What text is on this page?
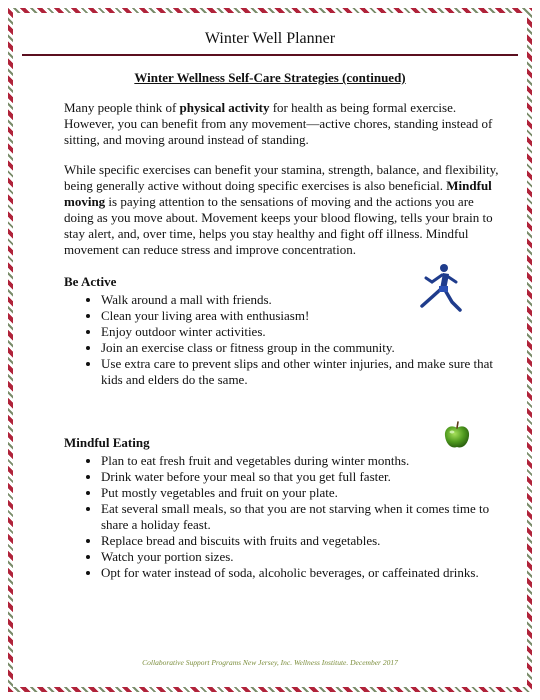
Winter Well Planner
Winter Wellness Self-Care Strategies (continued)

Many people think of physical activity for health as being formal exercise. However, you can benefit from any movement—active chores, standing instead of sitting, and moving around instead of standing.

While specific exercises can benefit your stamina, strength, balance, and flexibility, being generally active without doing specific exercises is also beneficial. Mindful moving is paying attention to the sensations of moving and the actions you are doing as you move about. Movement keeps your blood flowing, tells your brain to stay alert, and, over time, helps you stay healthy and fight off illness. Mindful movement can reduce stress and improve concentration.

Be Active
• Walk around a mall with friends.
• Clean your living area with enthusiasm!
• Enjoy outdoor winter activities.
• Join an exercise class or fitness group in the community.
• Use extra care to prevent slips and other winter injuries, and make sure that kids and elders do the same.
Mindful Eating
• Plan to eat fresh fruit and vegetables during winter months.
• Drink water before your meal so that you get full faster.
• Put mostly vegetables and fruit on your plate.
• Eat several small meals, so that you are not starving when it comes time to share a holiday feast.
• Replace bread and biscuits with fruits and vegetables.
• Watch your portion sizes.
• Opt for water instead of soda, alcoholic beverages, or caffeinated drinks.
Collaborative Support Programs New Jersey, Inc. Wellness Institute. December 2017
